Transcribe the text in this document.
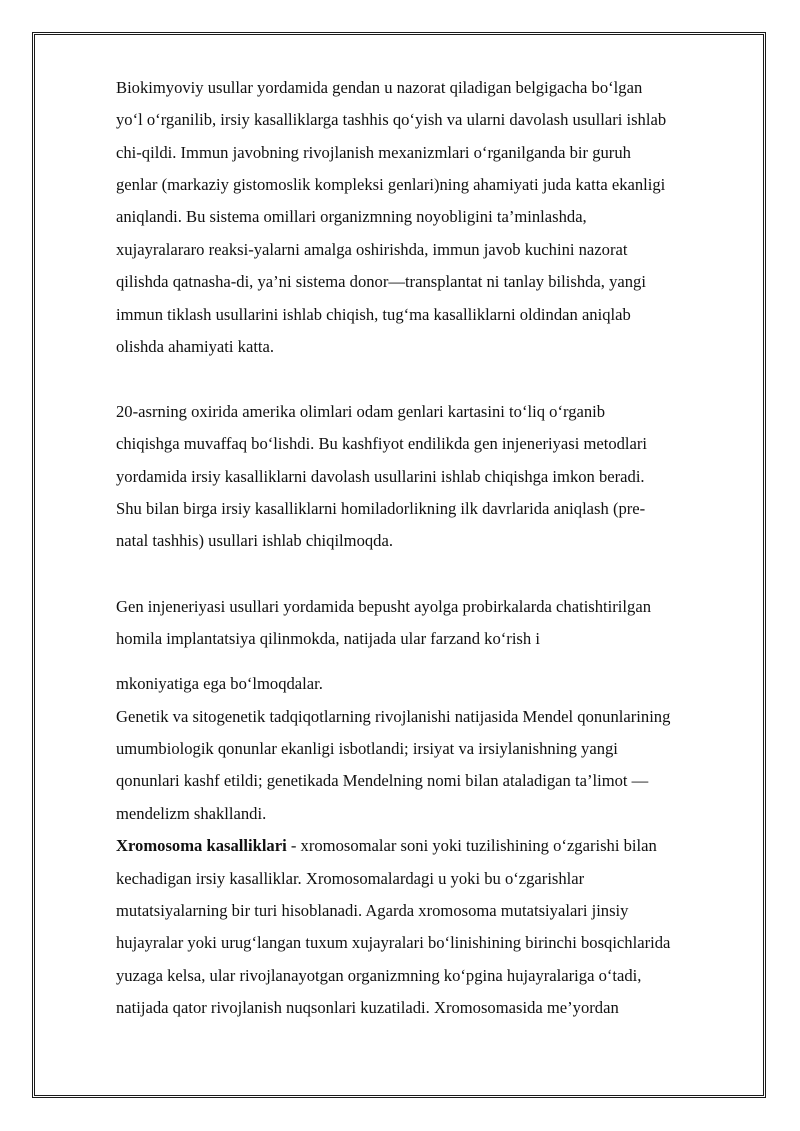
Biokimyoviy usullar yordamida gendan u nazorat qiladigan belgigacha bo‘lgan

yo‘l o‘rganilib, irsiy kasalliklarga tashhis qo‘yish va ularni davolash usullari ishlab

chi-qildi. Immun javobning rivojlanish mexanizmlari o‘rganilganda bir guruh

genlar (markaziy gistomoslik kompleksi genlari)ning ahamiyati juda katta ekanligi

aniqlandi. Bu sistema omillari organizmning noyobligini ta’minlashda,

xujayralararo reaksi-yalarni amalga oshirishda, immun javob kuchini nazorat

qilishda qatnasha-di, ya’ni sistema donor—transplantat ni tanlay bilishda, yangi

immun tiklash usullarini ishlab chiqish, tug‘ma kasalliklarni oldindan aniqlab

olishda ahamiyati katta.

20-asrning oxirida amerika olimlari odam genlari kartasini to‘liq o‘rganib

chiqishga muvaffaq bo‘lishdi. Bu kashfiyot endilikda gen injeneriyasi metodlari

yordamida irsiy kasalliklarni davolash usullarini ishlab chiqishga imkon beradi.

Shu bilan birga irsiy kasalliklarni homiladorlikning ilk davrlarida aniqlash (pre-

natal tashhis) usullari ishlab chiqilmoqda.

Gen injeneriyasi usullari yordamida bepusht ayolga probirkalarda chatishtirilgan

homila implantatsiya qilinmokda, natijada ular farzand ko‘rish i

mkoniyatiga ega bo‘lmoqdalar.

Genetik va sitogenetik tadqiqotlarning rivojlanishi natijasida Mendel qonunlarining

umumbiologik qonunlar ekanligi isbotlandi; irsiyat va irsiylanishning yangi

qonunlari kashf etildi; genetikada Mendelning nomi bilan ataladigan ta’limot —

mendelizm shakllandi.

Xromosoma kasalliklari - xromosomalar soni yoki tuzilishining o‘zgarishi bilan

kechadigan irsiy kasalliklar. Xromosomalardagi u yoki bu o‘zgarishlar

mutatsiyalarning bir turi hisoblanadi. Agarda xromosoma mutatsiyalari jinsiy

hujayralar yoki urug‘langan tuxum xujayralari bo‘linishining birinchi bosqichlarida

yuzaga kelsa, ular rivojlanayotgan organizmning ko‘pgina hujayralariga o‘tadi,

natijada qator rivojlanish nuqsonlari kuzatiladi. Xromosomasida me’yordan
